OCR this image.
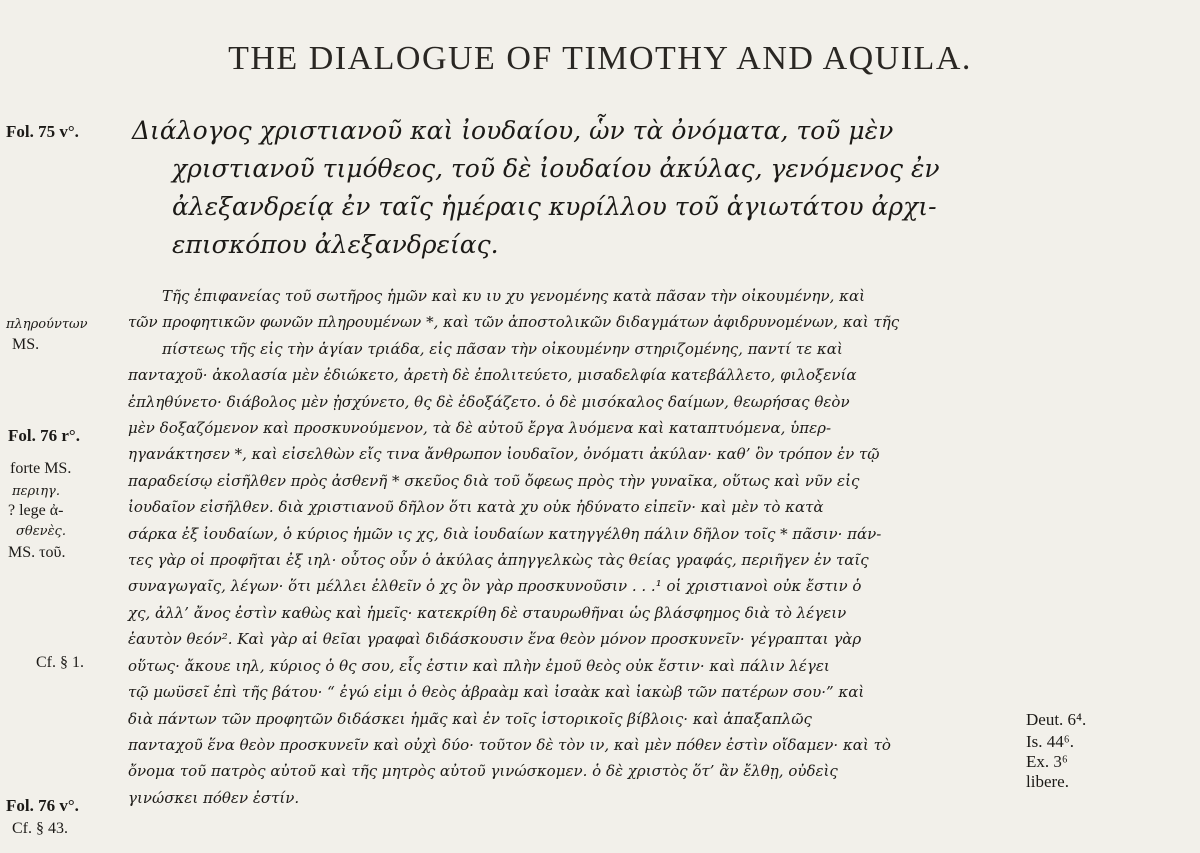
THE DIALOGUE OF TIMOTHY AND AQUILA.
Fol. 75 v°. Διάλογος χριστιανοῦ καὶ ἰουδαίου, ὧν τὰ ὀνόματα, τοῦ μὲν
χριστιανοῦ τιμόθεος, τοῦ δὲ ἰουδαίου ἀκύλας, γενόμενος ἐν
ἀλεξανδρείᾳ ἐν ταῖς ἡμέραις κυρίλλου τοῦ ἁγιωτάτου ἀρχι-
επισκόπου ἀλεξανδρείας.
Τῆς ἐπιφανείας τοῦ σωτῆρος ἡμῶν καὶ κυ ιυ χυ γενομένης κατὰ πᾶσαν τὴν οἰκουμένην, καὶ
τῶν προφητικῶν φωνῶν πληρουμένων *, καὶ τῶν ἀποστολικῶν διδαγμάτων ἀφιδρυνομένων, καὶ τῆς
πίστεως τῆς εἰς τὴν ἁγίαν τριάδα, εἰς πᾶσαν τὴν οἰκουμένην στηριζομένης, παντί τε καὶ
πανταχοῦ· ἀκολασία μὲν ἐδιώκετο, ἀρετὴ δὲ ἐπολιτεύετο, μισαδελφία κατεβάλλετο, φιλοξενία
ἐπληθύνετο· διάβολος μὲν ᾐσχύνετο, θς δὲ ἐδοξάζετο. ὁ δὲ μισόκαλος δαίμων, θεωρήσας θεὸν
μὲν δοξαζόμενον καὶ προσκυνούμενον, τὰ δὲ αὐτοῦ ἔργα λυόμενα καὶ καταπτυόμενα, ὑπερ-
ηγανάκτησεν *, καὶ εἰσελθὼν εἴς τινα ἄνθρωπον ἰουδαῖον, ὀνόματι ἀκύλαν· καθ’ ὃν τρόπον ἐν τῷ
παραδείσῳ εἰσῆλθεν πρὸς ἀσθενῆ * σκεῦος διὰ τοῦ ὄφεως πρὸς τὴν γυναῖκα, οὕτως καὶ νῦν εἰς
ἰουδαῖον εἰσῆλθεν. διὰ χριστιανοῦ δῆλον ὅτι κατὰ χυ οὐκ ἠδύνατο εἰπεῖν· καὶ μὲν τὸ κατὰ
σάρκα ἐξ ἰουδαίων, ὁ κύριος ἡμῶν ις χς, διὰ ἰουδαίων κατηγγέλθη πάλιν δῆλον τοῖς * πᾶσιν· πάν-
τες γὰρ οἱ προφῆται ἐξ ιηλ· οὗτος οὖν ὁ ἀκύλας ἀπηγγελκὼς τὰς θείας γραφάς, περιῆγεν ἐν ταῖς
συναγωγαῖς, λέγων· ὅτι μέλλει ἐλθεῖν ὁ χς ὃν γὰρ προσκυνοῦσιν . . .¹ οἱ χριστιανοὶ οὐκ ἔστιν ὁ
χς, ἀλλ’ ἄνος ἐστὶν καθὼς καὶ ἡμεῖς· κατεκρίθη δὲ σταυρωθῆναι ὡς βλάσφημος διὰ τὸ λέγειν
ἑαυτὸν θεόν². Καὶ γὰρ αἱ θεῖαι γραφαὶ διδάσκουσιν ἕνα θεὸν μόνον προσκυνεῖν· γέγραπται γὰρ
οὕτως· ἄκουε ιηλ, κύριος ὁ θς σου, εἷς ἐστιν καὶ πλὴν ἐμοῦ θεὸς οὐκ ἔστιν· καὶ πάλιν λέγει
τῷ μωϋσεῖ ἐπὶ τῆς βάτου· “ ἐγώ εἰμι ὁ θεὸς ἀβραὰμ καὶ ἰσαὰκ καὶ ἰακὼβ τῶν πατέρων σου·” καὶ
διὰ πάντων τῶν προφητῶν διδάσκει ἡμᾶς καὶ ἐν τοῖς ἱστορικοῖς βίβλοις· καὶ ἁπαξαπλῶς
πανταχοῦ ἕνα θεὸν προσκυνεῖν καὶ οὐχὶ δύο· τοῦτον δὲ τὸν ιν, καὶ μὲν πόθεν ἐστὶν οἴδαμεν· καὶ τὸ
ὄνομα τοῦ πατρὸς αὐτοῦ καὶ τῆς μητρὸς αὐτοῦ γινώσκομεν. ὁ δὲ χριστὸς ὅτ’ ἂν ἔλθῃ, οὐδεὶς
γινώσκει πόθεν ἐστίν.
πληρούντων
MS.
Fol. 76 r°.
forte MS.
περιηγ.
? lege ἀ-
σθενὲς.
MS. τοῦ.
Cf. § 1.
Fol. 76 v°.
Cf. § 43.
Deut. 6⁴.
Is. 44⁶.
Ex. 3⁶
libere.
